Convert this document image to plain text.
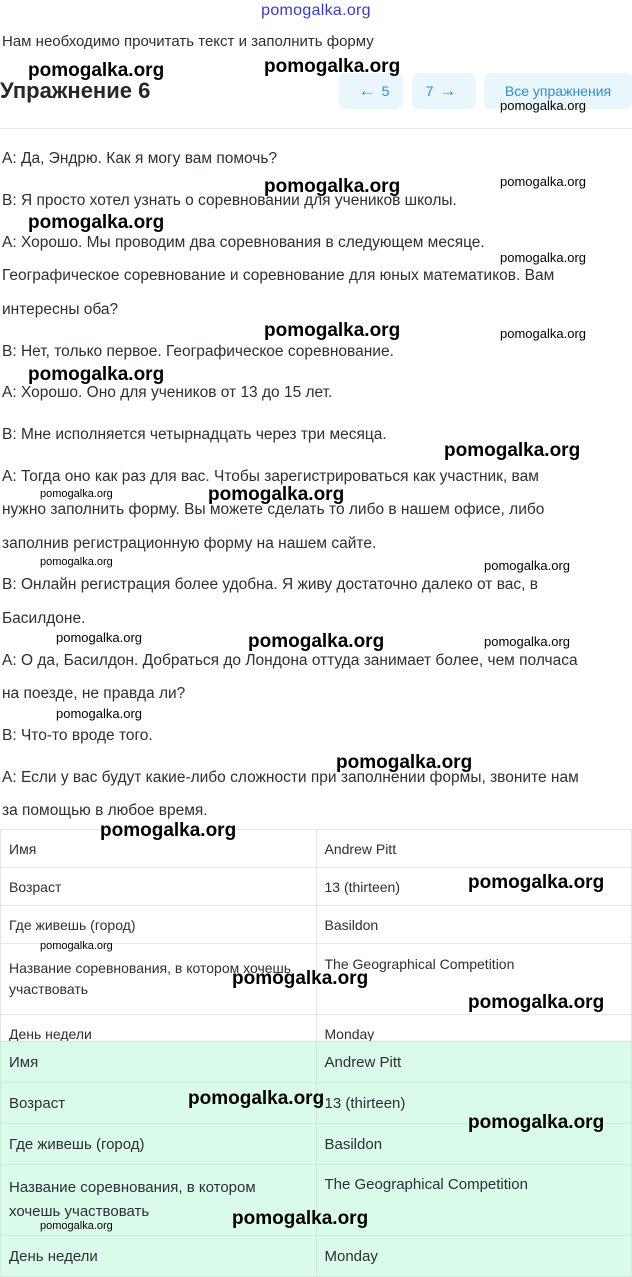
pomogalka.org
Нам необходимо прочитать текст и заполнить форму
Упражнение 6	← 5	7 →	Все упражнения
А: Да, Эндрю. Как я могу вам помочь?
В: Я просто хотел узнать о соревновании для учеников школы.
А: Хорошо. Мы проводим два соревнования в следующем месяце.
Географическое соревнование и соревнование для юных математиков. Вам
интересны оба?
В: Нет, только первое. Географическое соревнование.
А: Хорошо. Оно для учеников от 13 до 15 лет.
В: Мне исполняется четырнадцать через три месяца.
А: Тогда оно как раз для вас. Чтобы зарегистрироваться как участник, вам
нужно заполнить форму. Вы можете сделать то либо в нашем офисе, либо
заполнив регистрационную форму на нашем сайте.
В: Онлайн регистрация более удобна. Я живу достаточно далеко от вас, в
Басилдоне.
А: О да, Басилдон. Добраться до Лондона оттуда занимает более, чем полчаса
на поезде, не правда ли?
В: Что-то вроде того.
А: Если у вас будут какие-либо сложности при заполнении формы, звоните нам
за помощью в любое время.
Имя	Andrew Pitt
Возраст	13 (thirteen)
Где живешь (город)	Basildon
Название соревнования, в котором хочешь участвовать	The Geographical Competition
День недели	Monday
Имя	Andrew Pitt
Возраст	13 (thirteen)
Где живешь (город)	Basildon
Название соревнования, в котором хочешь участвовать	The Geographical Competition
День недели	Monday
pomogalka.org	pomogalka.org
pomogalka.org
pomogalka.org	pomogalka.org
pomogalka.org
pomogalka.org
pomogalka.org	pomogalka.org
pomogalka.org
pomogalka.org
pomogalka.org	pomogalka.org
pomogalka.org	pomogalka.org
pomogalka.org	pomogalka.org	pomogalka.org
pomogalka.org
pomogalka.org
pomogalka.org
pomogalka.org
pomogalka.org
pomogalka.org
pomogalka.org
pomogalka.org
pomogalka.org
pomogalka.org
pomogalka.org
